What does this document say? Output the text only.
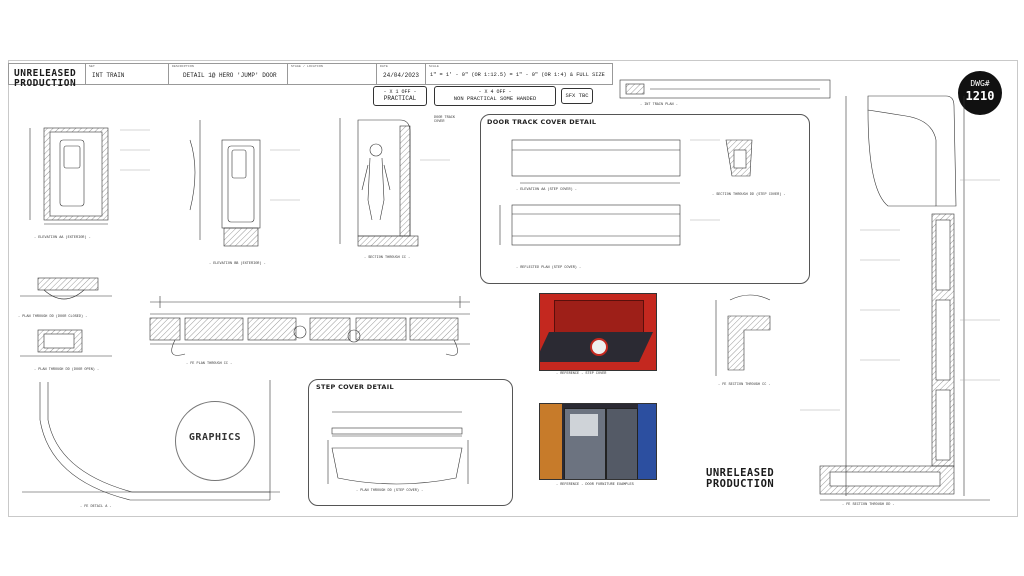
SET
INT TRAIN
DESCRIPTION
DETAIL 1@ HERO 'JUMP' DOOR
STAGE / LOCATION	DATE
24/04/2023
SCALE
1" = 1' - 0" (OR 1:12.5) = 1" - 0" (OR 1:4) & FULL SIZE
UNRELEASED PRODUCTION
UNRELEASED PRODUCTION
DWG#
1210
- X 1 OFF -
PRACTICAL
- X 4 OFF -
NON PRACTICAL SOME HANDED	SFX TBC
DOOR TRACK COVER DETAIL
STEP COVER DETAIL
GRAPHICS
- ELEVATION AA (EXTERIOR) -
- ELEVATION BB (EXTERIOR) -
- SECTION THROUGH CC -
- PLAN THROUGH DD (DOOR CLOSED) -
- PLAN THROUGH DD (DOOR OPEN) -
- FE PLAN THROUGH CC -
- FE DETAIL A -
- ELEVATION AA (STEP COVER) -
- PLAN THROUGH DD (STEP COVER) -
- SECTION THROUGH DD (STEP COVER) -
- REFLECTED PLAN (STEP COVER) -
- REFERENCE - STEP COVER
- REFERENCE - DOOR FURNITURE EXAMPLES
- FE SECTION THROUGH CC -
- FE SECTION THROUGH DD -
- INT TRAIN PLAN -
DOOR TRACK COVER
